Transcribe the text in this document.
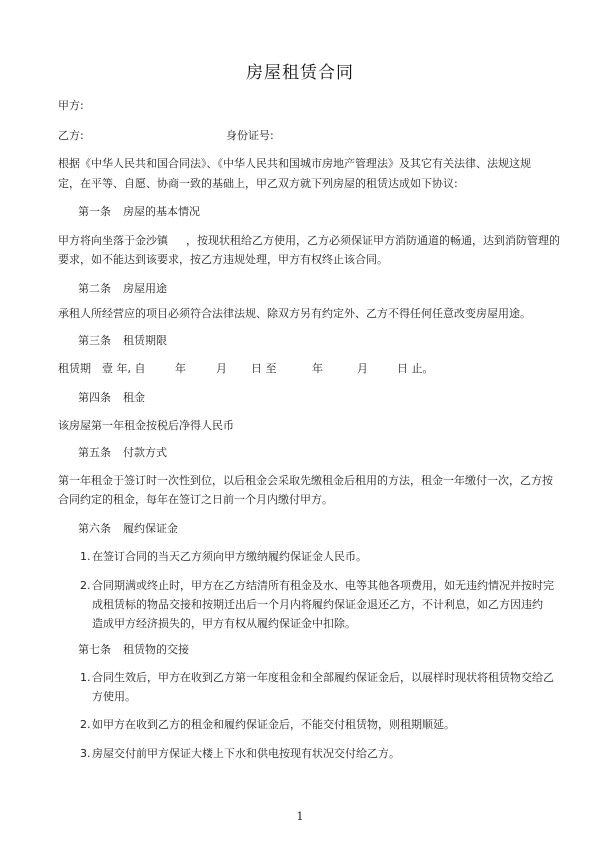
房屋租赁合同
甲方:
乙方:	身份证号:
根据《中华人民共和国合同法》、《中华人民共和国城市房地产管理法》及其它有关法律、法规这规
定，在平等、自愿、协商一致的基础上，甲乙双方就下列房屋的租赁达成如下协议:
第一条 房屋的基本情况
甲方将向坐落于金沙镇 ，按现状租给乙方使用，乙方必须保证甲方消防通道的畅通，达到消防管理的
要求，如不能达到该要求，按乙方违规处理，甲方有权终止该合同。
第二条 房屋用途
承租人所经营应的项目必须符合法律法规、除双方另有约定外、乙方不得任何任意改变房屋用途。
第三条 租赁期限
租赁期 壹 年, 自	年	月 日 至	年	月	日 止。
第四条 租金
该房屋第一年租金按税后净得人民币
第五条 付款方式
第一年租金于签订时一次性到位，以后租金会采取先缴租金后租用的方法，租金一年缴付一次，乙方按
合同约定的租金，每年在签订之日前一个月内缴付甲方。
第六条 履约保证金
1. 在签订合同的当天乙方须向甲方缴纳履约保证金人民币。
2. 合同期满或终止时，甲方在乙方结清所有租金及水、电等其他各项费用，如无违约情况并按时完
成租赁标的物品交接和按期迁出后一个月内将履约保证金退还乙方，不计利息，如乙方因违约
造成甲方经济损失的，甲方有权从履约保证金中扣除。
第七条 租赁物的交接
1. 合同生效后，甲方在收到乙方第一年度租金和全部履约保证金后，以展样时现状将租赁物交给乙
方使用。
2. 如甲方在收到乙方的租金和履约保证金后，不能交付租赁物，则租期顺延。
3. 房屋交付前甲方保证大楼上下水和供电按现有状况交付给乙方。
1
